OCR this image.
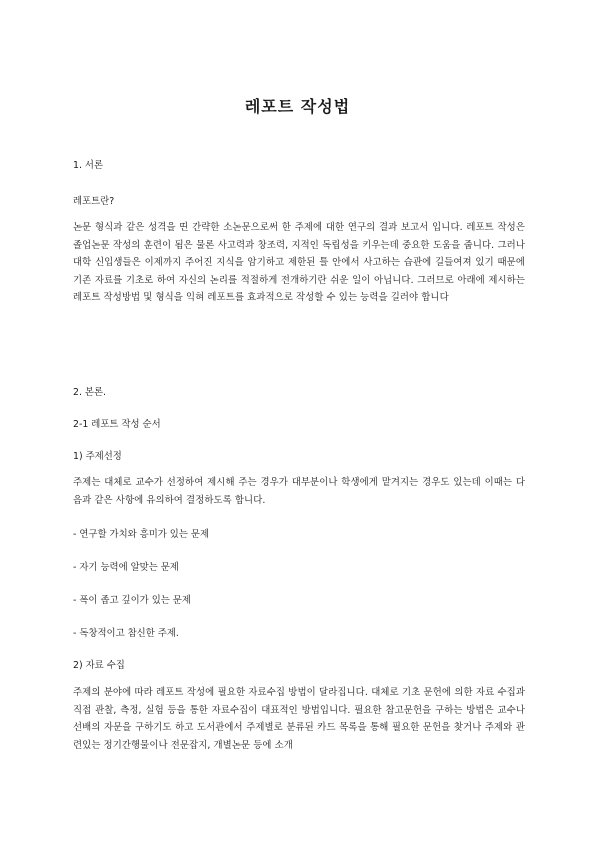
레포트 작성법
1. 서론
레포트란?
논문 형식과 같은 성격을 띤 간략한 소논문으로써 한 주제에 대한 연구의 결과 보고서 입니다. 레포트 작성은 졸업논문 작성의 훈련이 됨은 물론 사고력과 창조력, 지적인 독립성을 키우는데 중요한 도움을 줍니다. 그러나 대학 신입생들은 이제까지 주어진 지식을 암기하고 제한된 틀 안에서 사고하는 습관에 길들여져 있기 때문에 기존 자료를 기초로 하여 자신의 논리를 적절하게 전개하기란 쉬운 일이 아닙니다. 그러므로 아래에 제시하는 레포트 작성방법 및 형식을 익혀 레포트를 효과적으로 작성할 수 있는 능력을 길러야 합니다
2. 본론.
2-1 레포트 작성 순서
1) 주제선정
주제는 대체로 교수가 선정하여 제시해 주는 경우가 대부분이나 학생에게 맡겨지는 경우도 있는데 이때는 다음과 같은 사항에 유의하여 결정하도록 합니다.
- 연구할 가치와 흥미가 있는 문제
- 자기 능력에 알맞는 문제
- 폭이 좁고 깊이가 있는 문제
- 독창적이고 참신한 주제.
2) 자료 수집
주제의 분야에 따라 레포트 작성에 필요한 자료수집 방법이 달라집니다. 대체로 기초 문헌에 의한 자료 수집과 직접 관찰, 측정, 실험 등을 통한 자료수집이 대표적인 방법입니다. 필요한 참고문헌을 구하는 방법은 교수나 선배의 자문을 구하기도 하고 도서관에서 주제별로 분류된 카드 목록을 통해 필요한 문헌을 찾거나 주제와 관련있는 정기간행물이나 전문잡지, 개별논문 등에 소개
